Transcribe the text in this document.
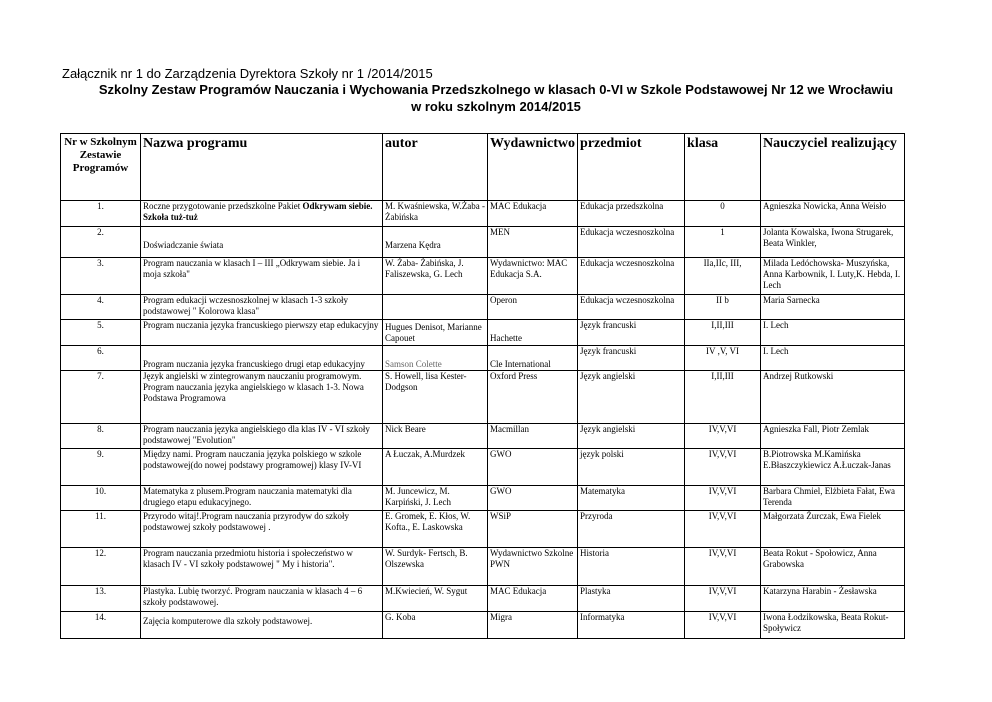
Załącznik nr 1 do Zarządzenia Dyrektora Szkoły nr 1 /2014/2015
Szkolny Zestaw Programów Nauczania i Wychowania Przedszkolnego w klasach 0-VI w Szkole Podstawowej Nr 12 we Wrocławiu
w roku szkolnym 2014/2015
Nr w Szkolnym Zestawie Programów	Nazwa programu	autor	Wydawnictwo	przedmiot	klasa	Nauczyciel realizujący
1.	Roczne przygotowanie przedszkolne Pakiet Odkrywam siebie. Szkoła tuż-tuż	M. Kwaśniewska, W.Żaba - Żabińska	MAC Edukacja	Edukacja przedszkolna	0	Agnieszka Nowicka, Anna Weisło
2.	Doświadczanie świata	Marzena Kędra	MEN	Edukacja wczesnoszkolna	1	Jolanta Kowalska, Iwona Strugarek, Beata Winkler,
3.	Program nauczania w klasach I – III „Odkrywam siebie. Ja i moja szkoła"	W. Żaba- Żabińska, J. Faliszewska, G. Lech	Wydawnictwo: MAC Edukacja S.A.	Edukacja wczesnoszkolna	IIa,IIc, III,	Milada Ledóchowska- Muszyńska, Anna Karbownik, I. Luty,K. Hebda, I. Lech
4.	Program edukacji wczesnoszkolnej w klasach 1-3 szkoły podstawowej " Kolorowa klasa"		Operon	Edukacja wczesnoszkolna	II b	Maria Sarnecka
5.	Program nuczania języka francuskiego pierwszy etap edukacyjny	Hugues Denisot, Marianne Capouet	Hachette	Język francuski	I,II,III	I. Lech
6.	Program nuczania języka francuskiego drugi etap edukacyjny	Samson Colette	Cle International	Język francuski	IV ,V, VI	I. Lech
7.	Język angielski w zintegrowanym nauczaniu programowym. Program nauczania języka angielskiego w klasach 1-3. Nowa Podstawa Programowa	S. Howell, lisa Kester-Dodgson	Oxford Press	Język angielski	I,II,III	Andrzej Rutkowski
8.	Program nauczania języka angielskiego dla klas IV - VI szkoły podstawowej "Evolution"	Nick Beare	Macmillan	Język angielski	IV,V,VI	Agnieszka Fall, Piotr Zemlak
9.	Między nami. Program nauczania języka polskiego w szkole podstawowej(do nowej podstawy programowej) klasy IV-VI	A Łuczak, A.Murdzek	GWO	język polski	IV,V,VI	B.Piotrowska M.Kamińska E.Błaszczykiewicz A.Łuczak-Janas
10.	Matematyka z plusem.Program nauczania matematyki dla drugiego etapu edukacyjnego.	M. Juncewicz, M. Karpiński, J. Lech	GWO	Matematyka	IV,V,VI	Barbara Chmiel, Elżbieta Fałat, Ewa Terenda
11.	Przyrodo witaj!.Program nauczania przyrodyw do szkoły podstawowej szkoły podstawowej .	E. Gromek, E. Kłos, W. Kofta., E. Laskowska	WSiP	Przyroda	IV,V,VI	Małgorzata Żurczak, Ewa Fielek
12.	Program nauczania przedmiotu historia i społeczeństwo w klasach IV - VI szkoły podstawowej " My i historia".	W. Surdyk- Fertsch, B. Olszewska	Wydawnictwo Szkolne PWN	Historia	IV,V,VI	Beata Rokut - Społowicz, Anna Grabowska
13.	Plastyka. Lubię tworzyć. Program nauczania w klasach 4 – 6 szkoły podstawowej.	M.Kwiecień, W. Sygut	MAC Edukacja	Plastyka	IV,V,VI	Katarzyna Harabin - Żesławska
14.	Zajęcia komputerowe dla szkoły podstawowej.	G. Koba	Migra	Informatyka	IV,V,VI	Iwona Łodzikowska, Beata Rokut-Społywicz
